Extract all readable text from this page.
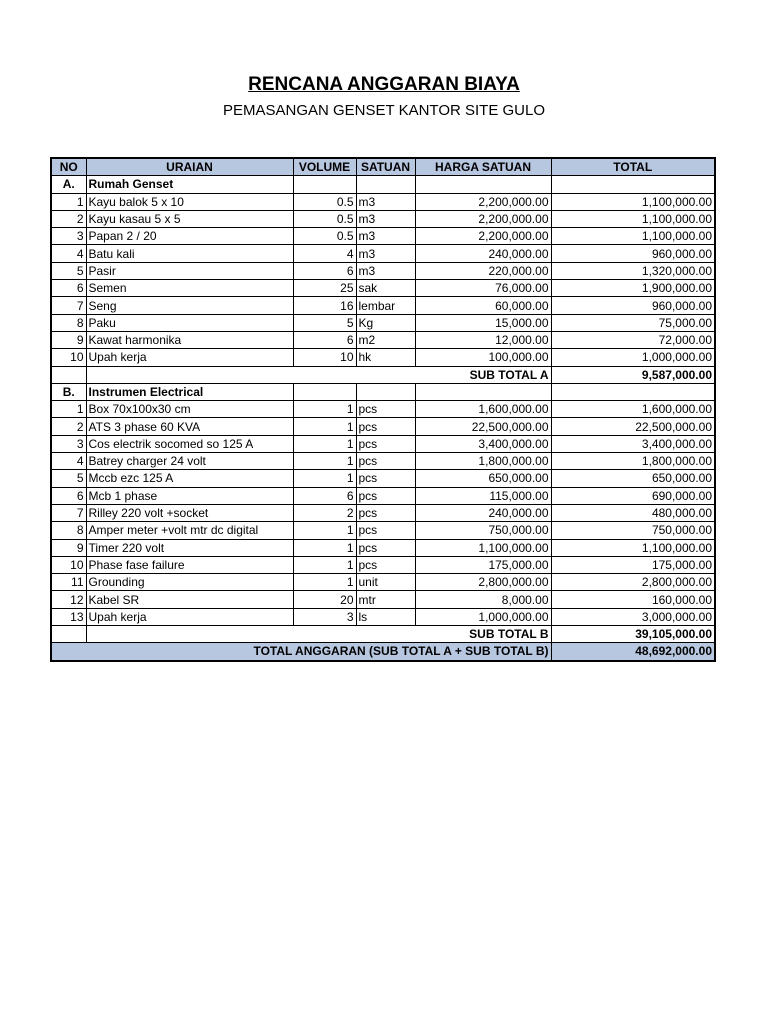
RENCANA ANGGARAN BIAYA
PEMASANGAN GENSET KANTOR SITE GULO
NO	URAIAN	VOLUME	SATUAN	HARGA SATUAN	TOTAL
A.	Rumah Genset				
1	Kayu balok 5 x 10	0.5	m3	2,200,000.00	1,100,000.00
2	Kayu kasau 5 x 5	0.5	m3	2,200,000.00	1,100,000.00
3	Papan 2 / 20	0.5	m3	2,200,000.00	1,100,000.00
4	Batu kali	4	m3	240,000.00	960,000.00
5	Pasir	6	m3	220,000.00	1,320,000.00
6	Semen	25	sak	76,000.00	1,900,000.00
7	Seng	16	lembar	60,000.00	960,000.00
8	Paku	5	Kg	15,000.00	75,000.00
9	Kawat harmonika	6	m2	12,000.00	72,000.00
10	Upah kerja	10	hk	100,000.00	1,000,000.00
	SUB TOTAL A				9,587,000.00
B.	Instrumen Electrical				
1	Box 70x100x30 cm	1	pcs	1,600,000.00	1,600,000.00
2	ATS 3 phase 60 KVA	1	pcs	22,500,000.00	22,500,000.00
3	Cos electrik socomed so 125 A	1	pcs	3,400,000.00	3,400,000.00
4	Batrey charger 24 volt	1	pcs	1,800,000.00	1,800,000.00
5	Mccb ezc 125 A	1	pcs	650,000.00	650,000.00
6	Mcb 1 phase	6	pcs	115,000.00	690,000.00
7	Rilley 220 volt +socket	2	pcs	240,000.00	480,000.00
8	Amper meter +volt mtr dc digital	1	pcs	750,000.00	750,000.00
9	Timer 220 volt	1	pcs	1,100,000.00	1,100,000.00
10	Phase fase failure	1	pcs	175,000.00	175,000.00
11	Grounding	1	unit	2,800,000.00	2,800,000.00
12	Kabel SR	20	mtr	8,000.00	160,000.00
13	Upah kerja	3	ls	1,000,000.00	3,000,000.00
	SUB TOTAL B				39,105,000.00
TOTAL ANGGARAN (SUB TOTAL A + SUB TOTAL B)					48,692,000.00
